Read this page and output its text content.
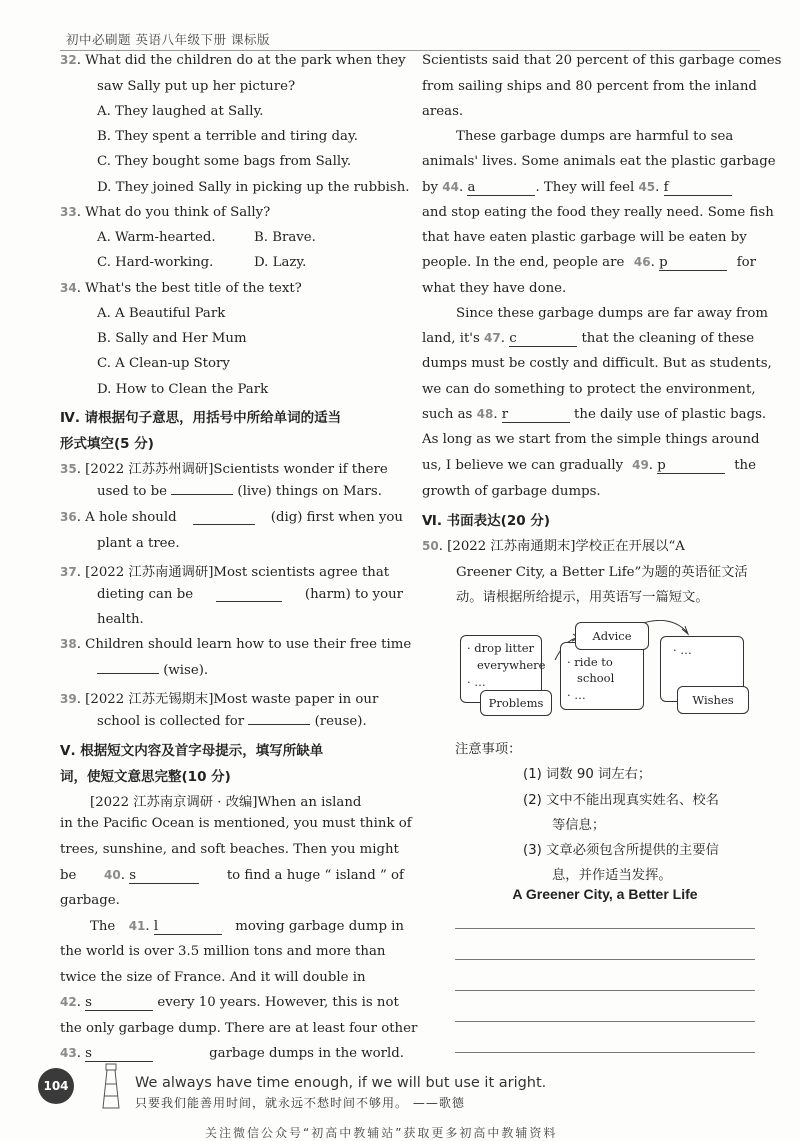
初中必刷题 英语八年级下册 课标版
32. What did the children do at the park when they
saw Sally put up her picture?
A. They laughed at Sally.
B. They spent a terrible and tiring day.
C. They bought some bags from Sally.
D. They joined Sally in picking up the rubbish.
33. What do you think of Sally?
A. Warm-hearted.	B. Brave.
C. Hard-working.	D. Lazy.
34. What's the best title of the text?
A. A Beautiful Park
B. Sally and Her Mum
C. A Clean-up Story
D. How to Clean the Park
Ⅳ. 请根据句子意思，用括号中所给单词的适当
形式填空(5 分)
35. [2022 江苏苏州调研]Scientists wonder if there
used to be	(live) things on Mars.
36. A hole should	(dig) first when you
plant a tree.
37. [2022 江苏南通调研]Most scientists agree that
dieting can be	(harm) to your
health.
38. Children should learn how to use their free time
(wise).
39. [2022 江苏无锡期末]Most waste paper in our
school is collected for	(reuse).
Ⅴ. 根据短文内容及首字母提示，填写所缺单
词，使短文意思完整(10 分)
[2022 江苏南京调研 · 改编]When an island
in the Pacific Ocean is mentioned, you must think of
trees, sunshine, and soft beaches. Then you might
be 40. s	to find a huge “ island ” of
garbage.
The 41. l	moving garbage dump in
the world is over 3.5 million tons and more than
twice the size of France. And it will double in
42. s	every 10 years. However, this is not
the only garbage dump. There are at least four other
43. s	garbage dumps in the world.
Scientists said that 20 percent of this garbage comes
from sailing ships and 80 percent from the inland
areas.
These garbage dumps are harmful to sea
animals' lives. Some animals eat the plastic garbage
by 44. a	. They will feel 45. f
and stop eating the food they really need. Some fish
that have eaten plastic garbage will be eaten by
people. In the end, people are 46. p	for
what they have done.
Since these garbage dumps are far away from
land, it's 47. c	that the cleaning of these
dumps must be costly and difficult. But as students,
we can do something to protect the environment,
such as 48. r	the daily use of plastic bags.
As long as we start from the simple things around
us, I believe we can gradually 49. p	the
growth of garbage dumps.
Ⅵ. 书面表达(20 分)
50. [2022 江苏南通期末]学校正在开展以“A
Greener City, a Better Life”为题的英语征文活
动。请根据所给提示，用英语写一篇短文。
· drop litter
everywhere
· …
Problems
· ride to
school
· …
Advice
· …
Wishes
注意事项：
(1) 词数 90 词左右；
(2) 文中不能出现真实姓名、校名
等信息；
(3) 文章必须包含所提供的主要信
息，并作适当发挥。
A Greener City, a Better Life
104	We always have time enough, if we will but use it aright.
只要我们能善用时间，就永远不愁时间不够用。 ——歌德
关注微信公众号“初高中教辅站”获取更多初高中教辅资料
